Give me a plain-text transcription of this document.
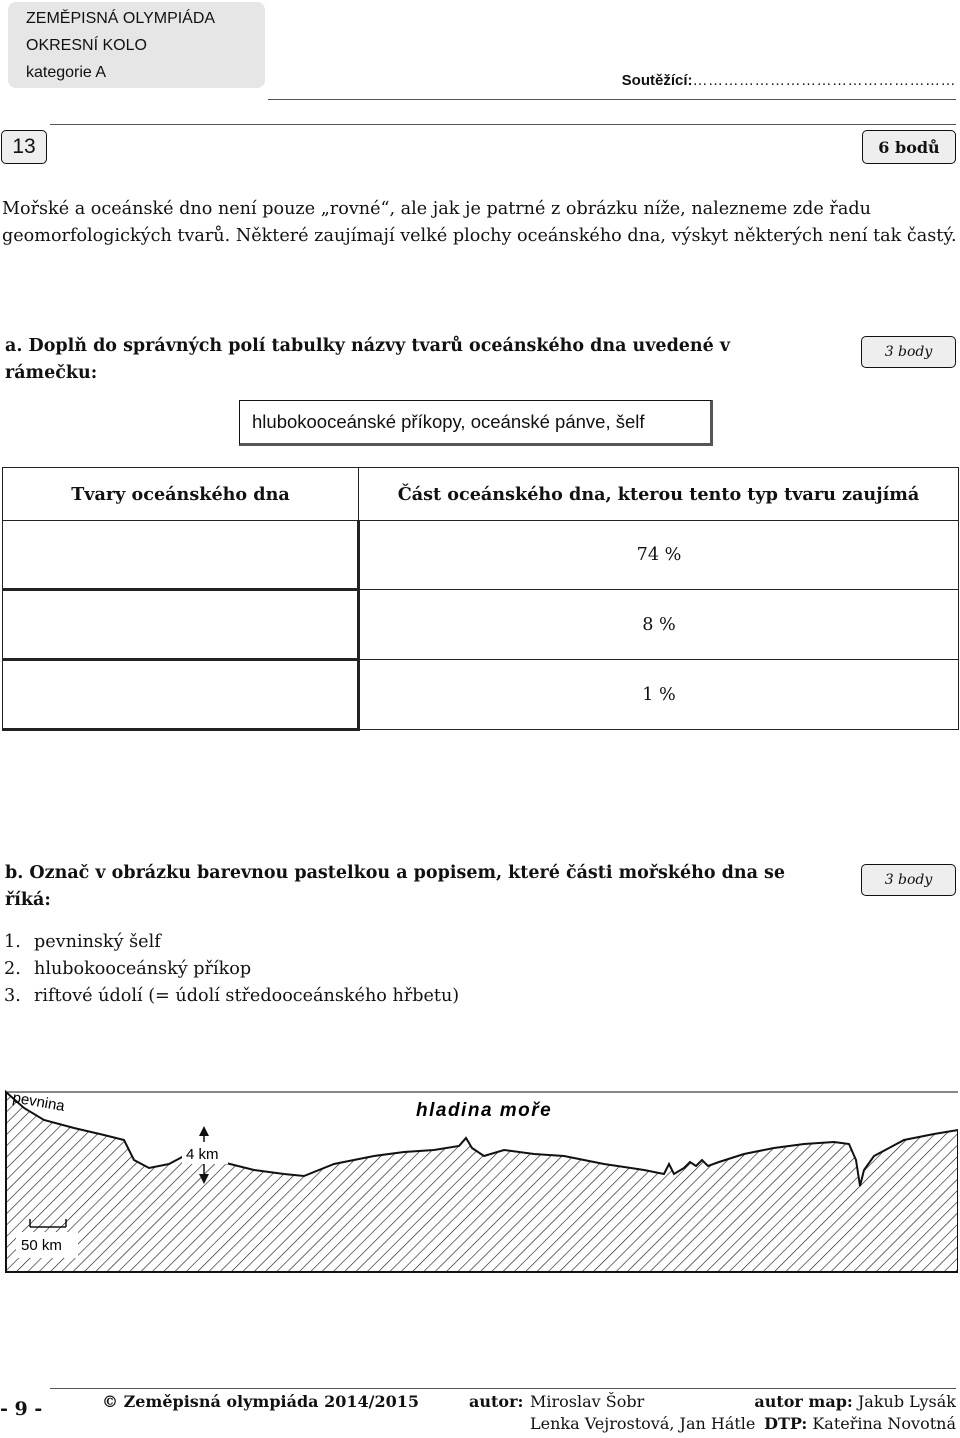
ZEMĚPISNÁ OLYMPIÁDA
OKRESNÍ KOLO
kategorie A	Soutěžící:……………………………………………
13	6 bodů
Mořské a oceánské dno není pouze „rovné“, ale jak je patrné z obrázku níže, nalezneme zde řadu geomorfologických tvarů. Některé zaujímají velké plochy oceánského dna, výskyt některých není tak častý.
a. Doplň do správných polí tabulky názvy tvarů oceánského dna uvedené v rámečku:
3 body
hlubokooceánské příkopy, oceánské pánve, šelf
Tvary oceánského dna	Část oceánského dna, kterou tento typ tvaru zaujímá
	74 %
	8 %
	1 %
b. Označ v obrázku barevnou pastelkou a popisem, které části mořského dna se říká:
3 body
1. pevninský šelf
2. hlubokooceánský příkop
3. riftové údolí (= údolí středooceánského hřbetu)
pevnina	hladina moře
4 km
50 km
- 9 -	© Zeměpisná olympiáda 2014/2015	autor: Miroslav Šobr
Lenka Vejrostová, Jan Hátle
autor map: Jakub Lysák
DTP: Kateřina Novotná
